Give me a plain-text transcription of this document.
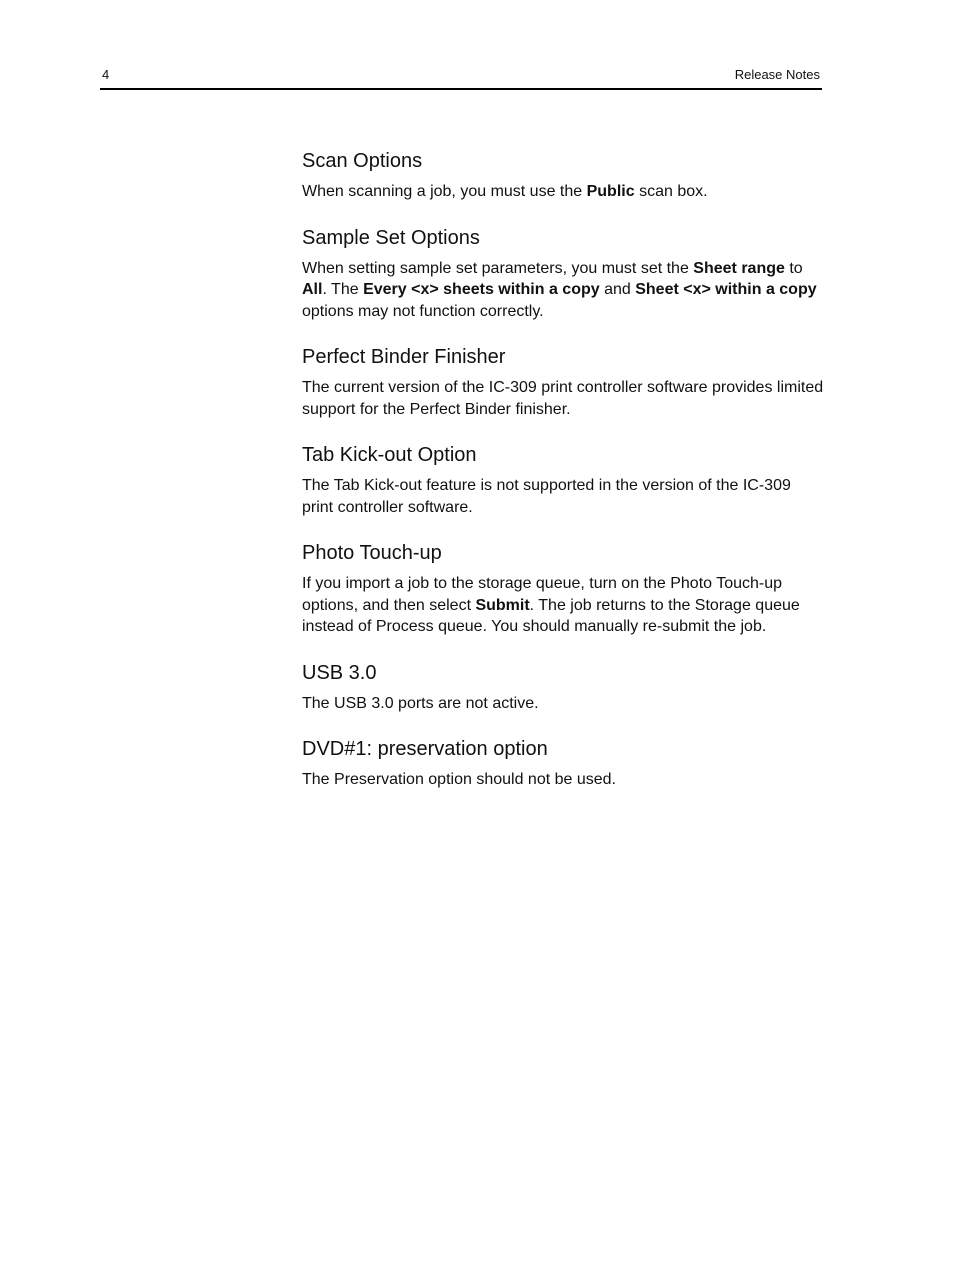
4	Release Notes
Scan Options

When scanning a job, you must use the Public scan box.

Sample Set Options

When setting sample set parameters, you must set the Sheet range to All. The Every <x> sheets within a copy and Sheet <x> within a copy options may not function correctly.

Perfect Binder Finisher

The current version of the IC-309 print controller software provides limited support for the Perfect Binder finisher.

Tab Kick-out Option

The Tab Kick-out feature is not supported in the version of the IC-309 print controller software.

Photo Touch-up

If you import a job to the storage queue, turn on the Photo Touch-up options, and then select Submit. The job returns to the Storage queue instead of Process queue. You should manually re-submit the job.

USB 3.0

The USB 3.0 ports are not active.

DVD#1: preservation option

The Preservation option should not be used.
